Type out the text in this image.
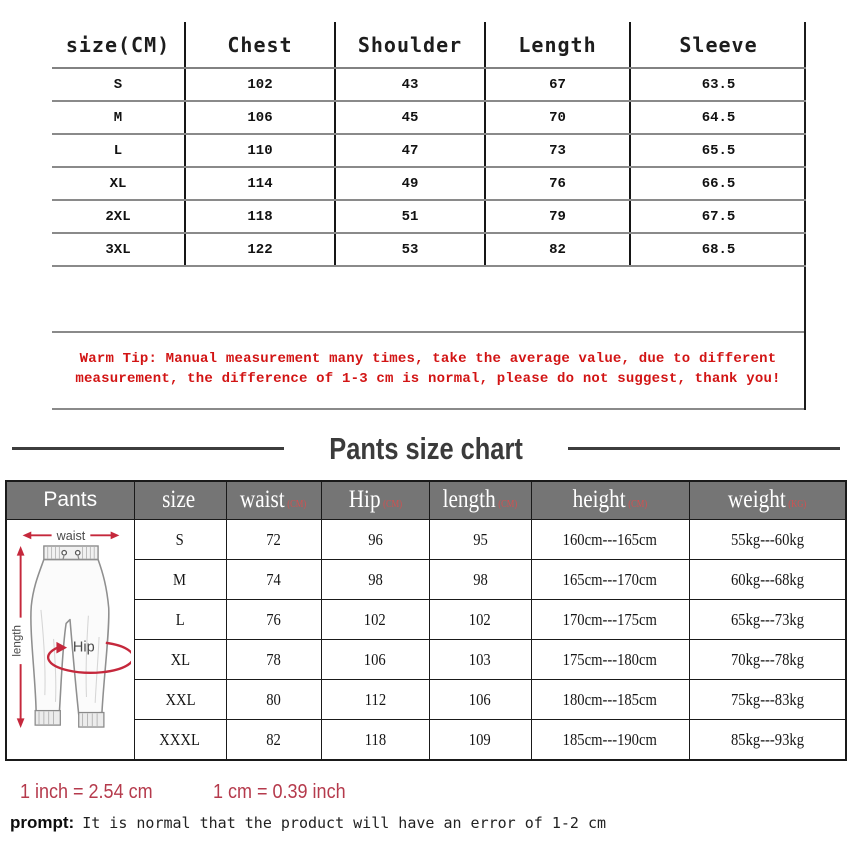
size(CM)	Chest	Shoulder	Length	Sleeve
S	102	43	67	63.5
M	106	45	70	64.5
L	110	47	73	65.5
XL	114	49	76	66.5
2XL	118	51	79	67.5
3XL	122	53	82	68.5
Warm Tip: Manual measurement many times, take the average value, due to different
measurement, the difference of 1-3 cm is normal, please do not suggest, thank you!
Pants size chart
Pants	size	waist (CM)	Hip (CM)	length (CM)	height (CM)	weight (KG)

waist
Hip
length	S	72	96	95	160cm---165cm	55kg---60kg
	M	74	98	98	165cm---170cm	60kg---68kg
	L	76	102	102	170cm---175cm	65kg---73kg
	XL	78	106	103	175cm---180cm	70kg---78kg
	XXL	80	112	106	180cm---185cm	75kg---83kg
	XXXL	82	118	109	185cm---190cm	85kg---93kg
1 inch = 2.54 cm	1 cm = 0.39 inch
prompt: It is normal that the product will have an error of 1-2 cm
